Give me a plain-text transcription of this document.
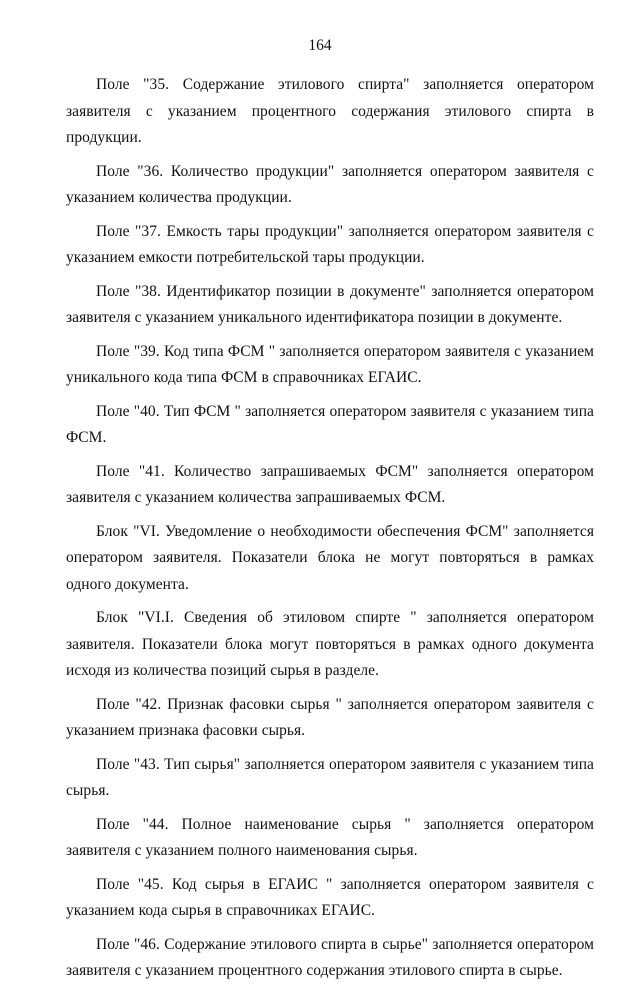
164

Поле "35. Содержание этилового спирта" заполняется оператором заявителя с указанием процентного содержания этилового спирта в продукции.

Поле "36. Количество продукции" заполняется оператором заявителя с указанием количества продукции.

Поле "37. Емкость тары продукции" заполняется оператором заявителя с указанием емкости потребительской тары продукции.

Поле "38. Идентификатор позиции в документе" заполняется оператором заявителя с указанием уникального идентификатора позиции в документе.

Поле "39. Код типа ФСМ " заполняется оператором заявителя с указанием уникального кода типа ФСМ в справочниках ЕГАИС.

Поле "40. Тип ФСМ " заполняется оператором заявителя с указанием типа ФСМ.

Поле "41. Количество запрашиваемых ФСМ" заполняется оператором заявителя с указанием количества запрашиваемых ФСМ.

Блок "VI. Уведомление о необходимости обеспечения ФСМ" заполняется оператором заявителя. Показатели блока не могут повторяться в рамках одного документа.

Блок "VI.I. Сведения об этиловом спирте " заполняется оператором заявителя. Показатели блока могут повторяться в рамках одного документа исходя из количества позиций сырья в разделе.

Поле "42. Признак фасовки сырья " заполняется оператором заявителя с указанием признака фасовки сырья.

Поле "43. Тип сырья" заполняется оператором заявителя с указанием типа сырья.

Поле "44. Полное наименование сырья " заполняется оператором заявителя с указанием полного наименования сырья.

Поле "45. Код сырья в ЕГАИС " заполняется оператором заявителя с указанием кода сырья в справочниках ЕГАИС.

Поле "46. Содержание этилового спирта в сырье" заполняется оператором заявителя с указанием процентного содержания этилового спирта в сырье.
